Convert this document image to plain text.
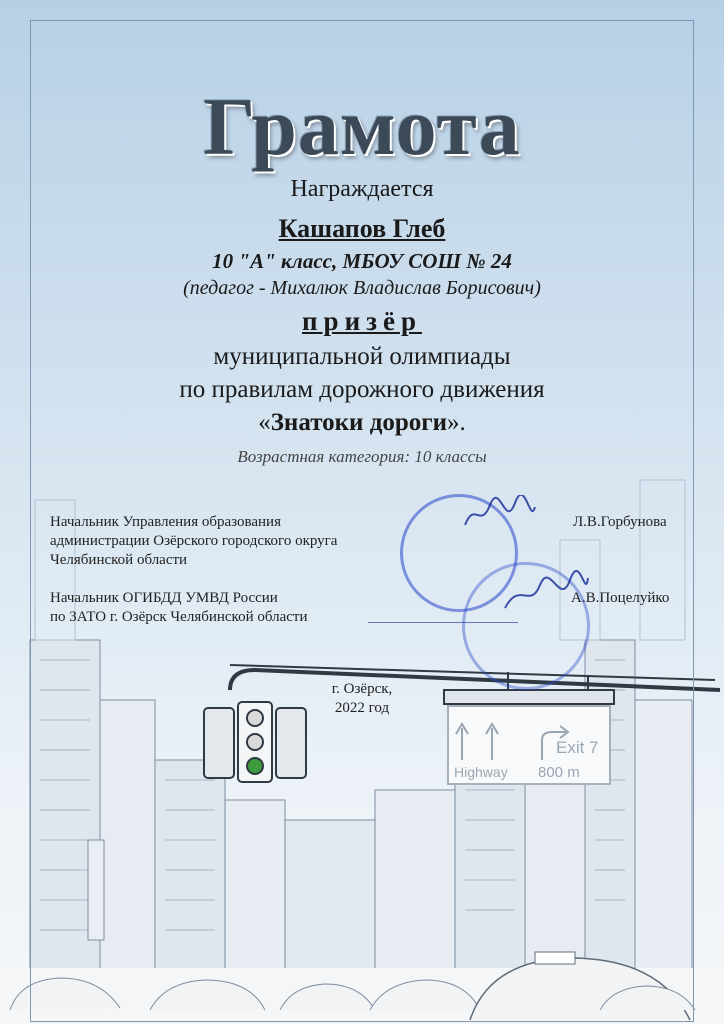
Highway
Exit 7
800 m
Грамота
Награждается
Кашапов Глеб
10 "А" класс, МБОУ СОШ № 24
(педагог - Михалюк Владислав Борисович)
призёр
муниципальной олимпиады
по правилам дорожного движения
«Знатоки дороги».
Возрастная категория: 10 классы
Начальник Управления образования
администрации Озёрского городского округа
Челябинской области
Л.В.Горбунова
Начальник ОГИБДД УМВД России
по ЗАТО г. Озёрск Челябинской области
А.В.Поцелуйко
г. Озёрск,
2022 год
